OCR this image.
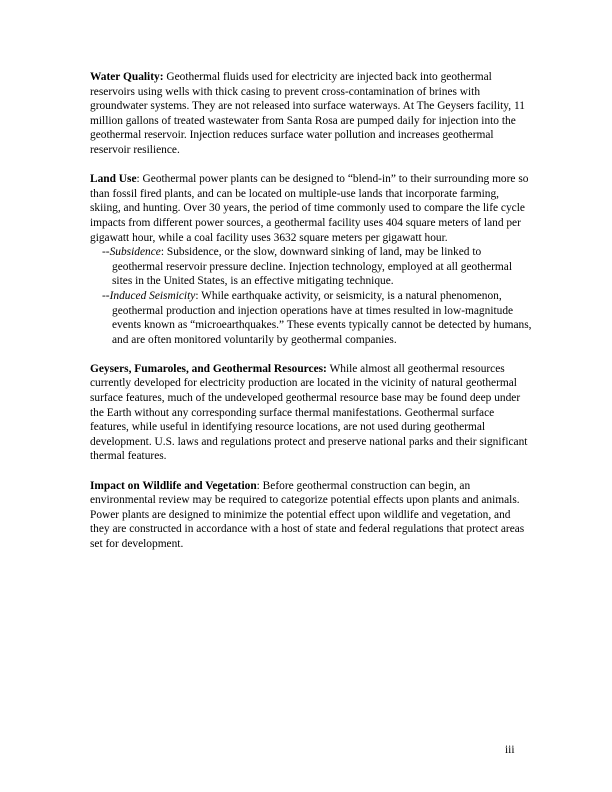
Water Quality: Geothermal fluids used for electricity are injected back into geothermal reservoirs using wells with thick casing to prevent cross-contamination of brines with groundwater systems. They are not released into surface waterways. At The Geysers facility, 11 million gallons of treated wastewater from Santa Rosa are pumped daily for injection into the geothermal reservoir. Injection reduces surface water pollution and increases geothermal reservoir resilience.

Land Use: Geothermal power plants can be designed to “blend-in” to their surrounding more so than fossil fired plants, and can be located on multiple-use lands that incorporate farming, skiing, and hunting. Over 30 years, the period of time commonly used to compare the life cycle impacts from different power sources, a geothermal facility uses 404 square meters of land per gigawatt hour, while a coal facility uses 3632 square meters per gigawatt hour.

--Subsidence: Subsidence, or the slow, downward sinking of land, may be linked to geothermal reservoir pressure decline. Injection technology, employed at all geothermal sites in the United States, is an effective mitigating technique.

--Induced Seismicity: While earthquake activity, or seismicity, is a natural phenomenon, geothermal production and injection operations have at times resulted in low-magnitude events known as “microearthquakes.” These events typically cannot be detected by humans, and are often monitored voluntarily by geothermal companies.

Geysers, Fumaroles, and Geothermal Resources: While almost all geothermal resources currently developed for electricity production are located in the vicinity of natural geothermal surface features, much of the undeveloped geothermal resource base may be found deep under the Earth without any corresponding surface thermal manifestations. Geothermal surface features, while useful in identifying resource locations, are not used during geothermal development. U.S. laws and regulations protect and preserve national parks and their significant thermal features.

Impact on Wildlife and Vegetation: Before geothermal construction can begin, an environmental review may be required to categorize potential effects upon plants and animals. Power plants are designed to minimize the potential effect upon wildlife and vegetation, and they are constructed in accordance with a host of state and federal regulations that protect areas set for development.

iii
